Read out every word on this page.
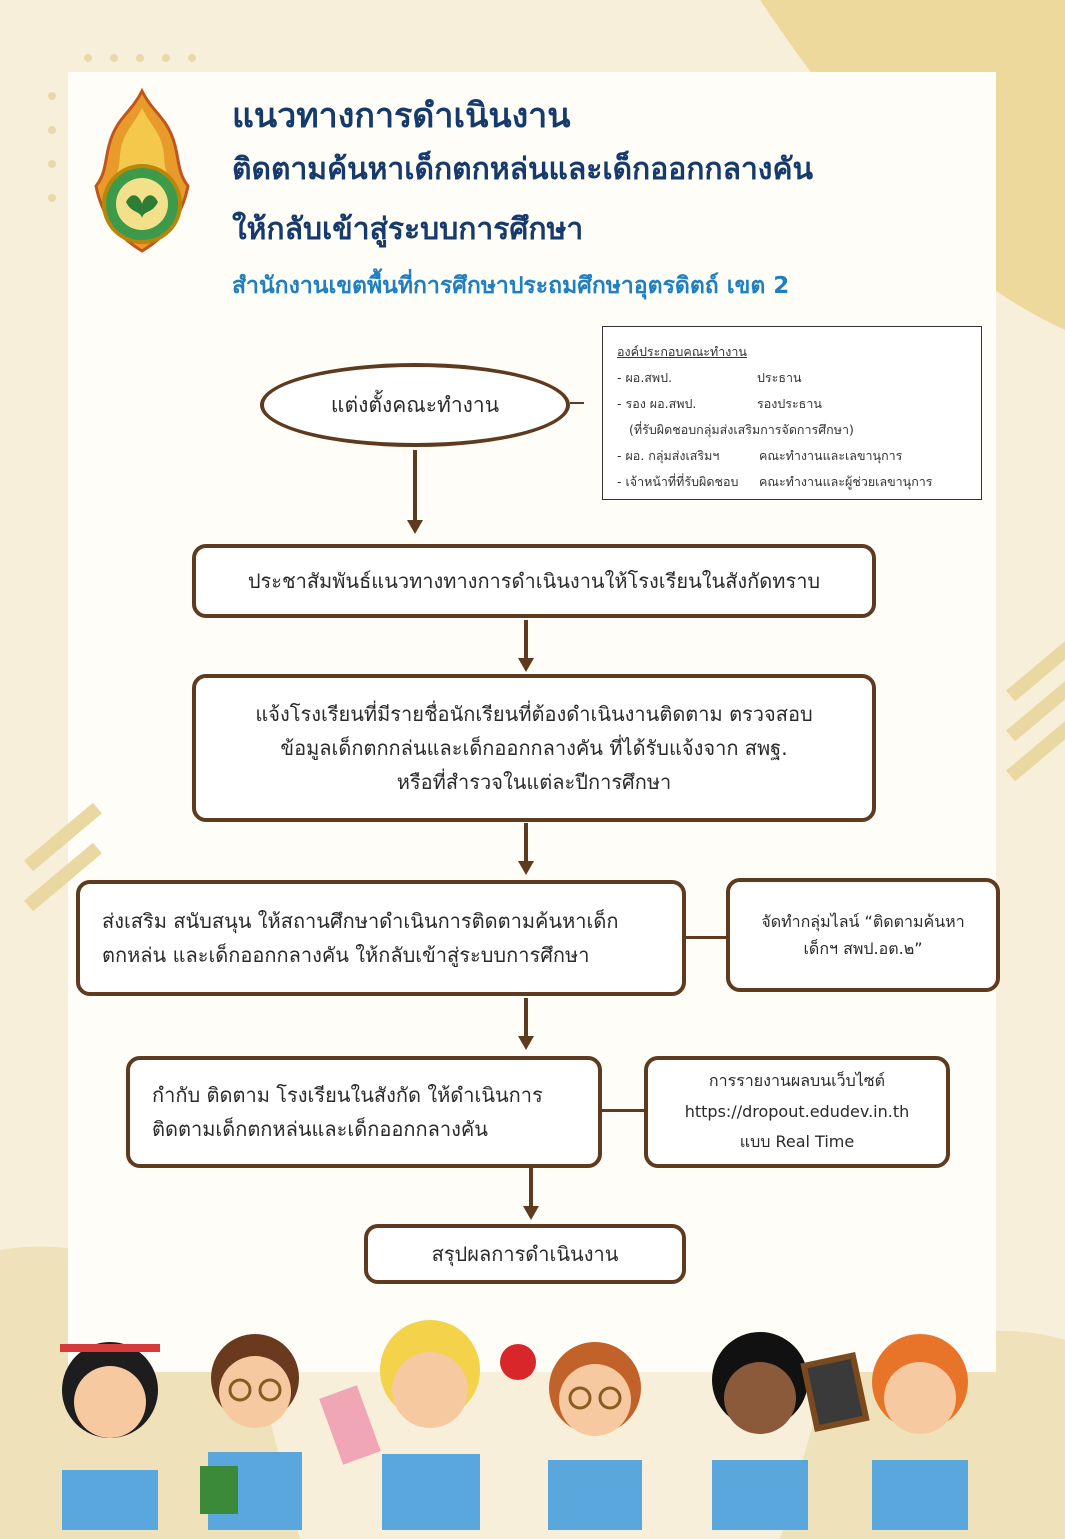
แนวทางการดำเนินงาน
ติดตามค้นหาเด็กตกหล่นและเด็กออกกลางคัน
ให้กลับเข้าสู่ระบบการศึกษา
สำนักงานเขตพื้นที่การศึกษาประถมศึกษาอุตรดิตถ์ เขต 2
แต่งตั้งคณะทำงาน
องค์ประกอบคณะทำงาน
- ผอ.สพป.	ประธาน
- รอง ผอ.สพป.	รองประธาน
(ที่รับผิดชอบกลุ่มส่งเสริมการจัดการศึกษา)
- ผอ. กลุ่มส่งเสริมฯ	คณะทำงานและเลขานุการ
- เจ้าหน้าที่ที่รับผิดชอบ	คณะทำงานและผู้ช่วยเลขานุการ
ประชาสัมพันธ์แนวทางทางการดำเนินงานให้โรงเรียนในสังกัดทราบ
แจ้งโรงเรียนที่มีรายชื่อนักเรียนที่ต้องดำเนินงานติดตาม ตรวจสอบ
ข้อมูลเด็กตกกล่นและเด็กออกกลางคัน ที่ได้รับแจ้งจาก สพฐ.
หรือที่สำรวจในแต่ละปีการศึกษา
ส่งเสริม สนับสนุน ให้สถานศึกษาดำเนินการติดตามค้นหาเด็ก
ตกหล่น และเด็กออกกลางคัน ให้กลับเข้าสู่ระบบการศึกษา
จัดทำกลุ่มไลน์ “ติดตามค้นหา
เด็กฯ สพป.อต.๒”
กำกับ ติดตาม โรงเรียนในสังกัด ให้ดำเนินการ
ติดตามเด็กตกหล่นและเด็กออกกลางคัน
การรายงานผลบนเว็บไซต์
https://dropout.edudev.in.th
แบบ Real Time
สรุปผลการดำเนินงาน
